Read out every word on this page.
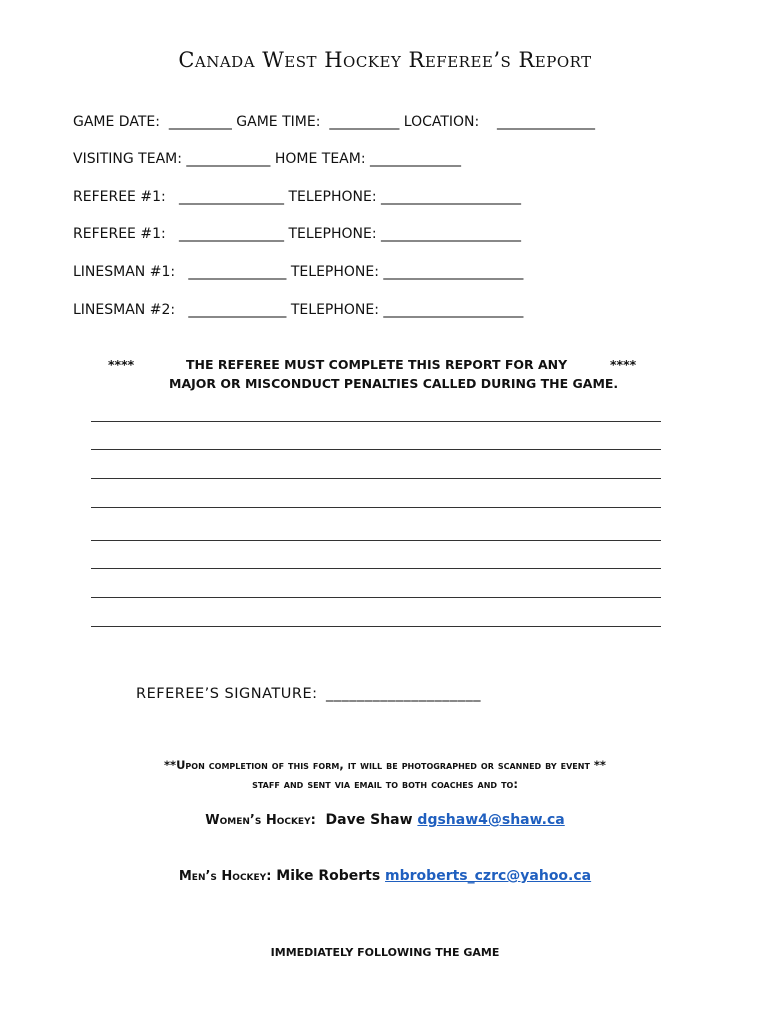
Canada West Hockey Referee’s Report
GAME DATE:  _________ GAME TIME:  __________ LOCATION:    ______________
VISITING TEAM: ____________ HOME TEAM: _____________
REFEREE #1:   _______________ TELEPHONE: ____________________
REFEREE #1:   _______________ TELEPHONE: ____________________
LINESMAN #1:   ______________ TELEPHONE: ____________________
LINESMAN #2:   ______________ TELEPHONE: ____________________
****	THE REFEREE MUST COMPLETE THIS REPORT FOR ANY	****
MAJOR OR MISCONDUCT PENALTIES CALLED DURING THE GAME.
REFEREE’S SIGNATURE: ____________________
**Upon completion of this form, it will be photographed or scanned by event **
staff and sent via email to both coaches and to:
Women’s Hockey: Dave Shaw dgshaw4@shaw.ca
Men’s Hockey: Mike Roberts mbroberts_czrc@yahoo.ca
IMMEDIATELY FOLLOWING THE GAME
